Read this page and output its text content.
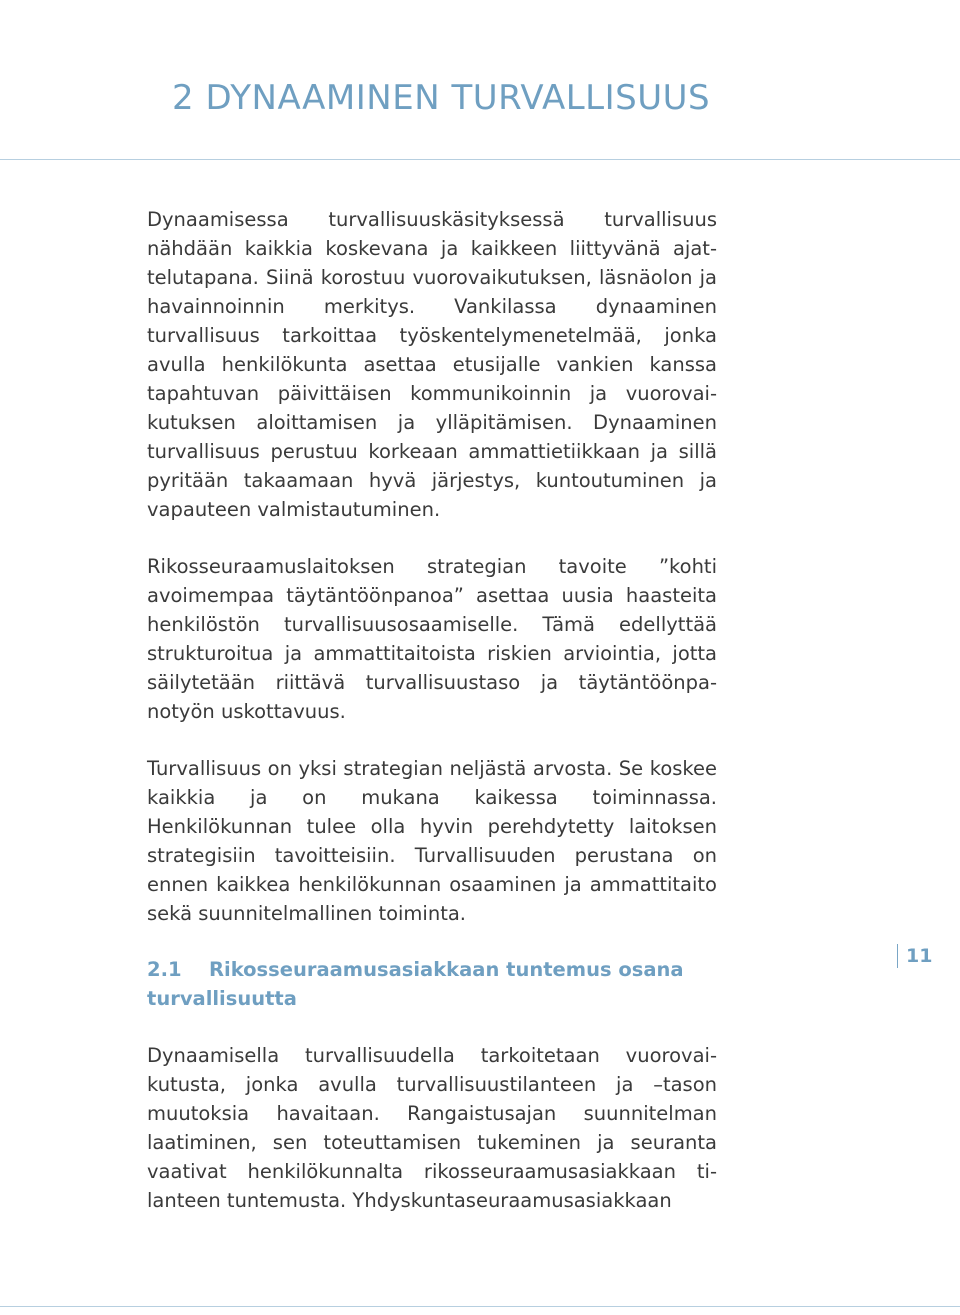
2 DYNAAMINEN TURVALLISUUS

Dynaamisessa turvallisuuskäsityksessä turvallisuus nähdään kaikkia koskevana ja kaikkeen liittyvänä ajattelutapana. Siinä korostuu vuorovaikutuksen, läsnäolon ja havainnoinnin merkitys. Vankilassa dynaaminen turvallisuus tarkoittaa työskentelymenetelmää, jonka avulla henkilökunta asettaa etusijalle vankien kanssa tapahtuvan päivittäisen kommunikoinnin ja vuorovaikutuksen aloittamisen ja ylläpitämisen. Dynaaminen turvallisuus perustuu korkeaan ammattietiikkaan ja sillä pyritään takaamaan hyvä järjestys, kuntoutuminen ja vapauteen valmistautuminen.

Rikosseuraamuslaitoksen strategian tavoite ”kohti avoimempaa täytäntöönpanoa” asettaa uusia haasteita henkilöstön turvallisuusosaamiselle. Tämä edellyttää strukturoitua ja ammattitaitoista riskien arviointia, jotta säilytetään riittävä turvallisuustaso ja täytäntöönpanotyön uskottavuus.

Turvallisuus on yksi strategian neljästä arvosta. Se koskee kaikkia ja on mukana kaikessa toiminnassa. Henkilökunnan tulee olla hyvin perehdytetty laitoksen strategisiin tavoitteisiin. Turvallisuuden perustana on ennen kaikkea henkilökunnan osaaminen ja ammattitaito sekä suunnitelmallinen toiminta.

2.1 Rikosseuraamusasiakkaan tuntemus osana turvallisuutta

Dynaamisella turvallisuudella tarkoitetaan vuorovaikutusta, jonka avulla turvallisuustilanteen ja –tason muutoksia havaitaan. Rangaistusajan suunnitelman laatiminen, sen toteuttamisen tukeminen ja seuranta vaativat henkilökunnalta rikosseuraamusasiakkaan tilanteen tuntemusta. Yhdyskuntaseuraamusasiakkaan

11
